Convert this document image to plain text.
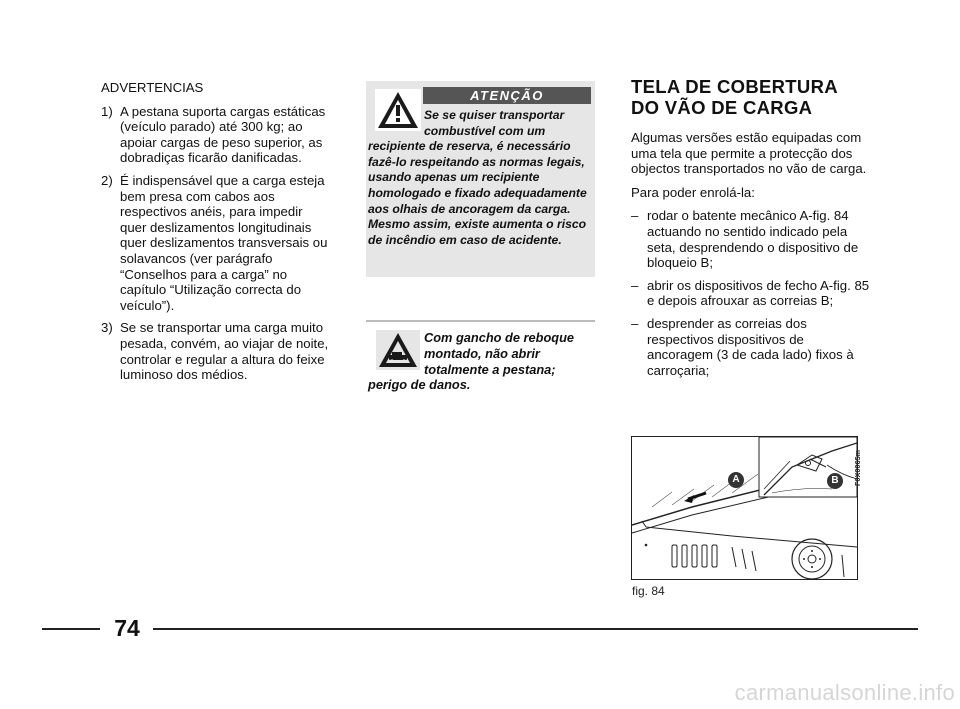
ADVERTENCIAS
1) A pestana suporta cargas estáticas (veículo parado) até 300 kg; ao apoiar cargas de peso superior, as dobradiças ficarão danificadas.
2) É indispensável que a carga esteja bem presa com cabos aos respectivos anéis, para impedir quer deslizamentos longitudinais quer deslizamentos transversais ou solavancos (ver parágrafo “Conselhos para a carga” no capítulo “Utilização correcta do veículo”).
3) Se se transportar uma carga muito pesada, convém, ao viajar de noite, controlar e regular a altura do feixe luminoso dos médios.
ATENÇÃO
Se se quiser transportar combustível com um
recipiente de reserva, é necessário fazê-lo respeitando as normas legais, usando apenas um recipiente homologado e fixado adequadamente aos olhais de ancoragem da carga. Mesmo assim, existe aumenta o risco de incêndio em caso de acidente.
Com gancho de reboque montado, não abrir totalmente a pestana;
perigo de danos.
TELA DE COBERTURA
DO VÃO DE CARGA

Algumas versões estão equipadas com uma tela que permite a protecção dos objectos transportados no vão de carga.

Para poder enrolá-la:

– rodar o batente mecânico A-fig. 84 actuando no sentido indicado pela seta, desprendendo o dispositivo de bloqueio B;
– abrir os dispositivos de fecho A-fig. 85 e depois afrouxar as correias B;
– desprender as correias dos respectivos dispositivos de ancoragem (3 de cada lado) fixos à carroçaria;
A	B F0X0065m
fig. 84
74
carmanualsonline.info
